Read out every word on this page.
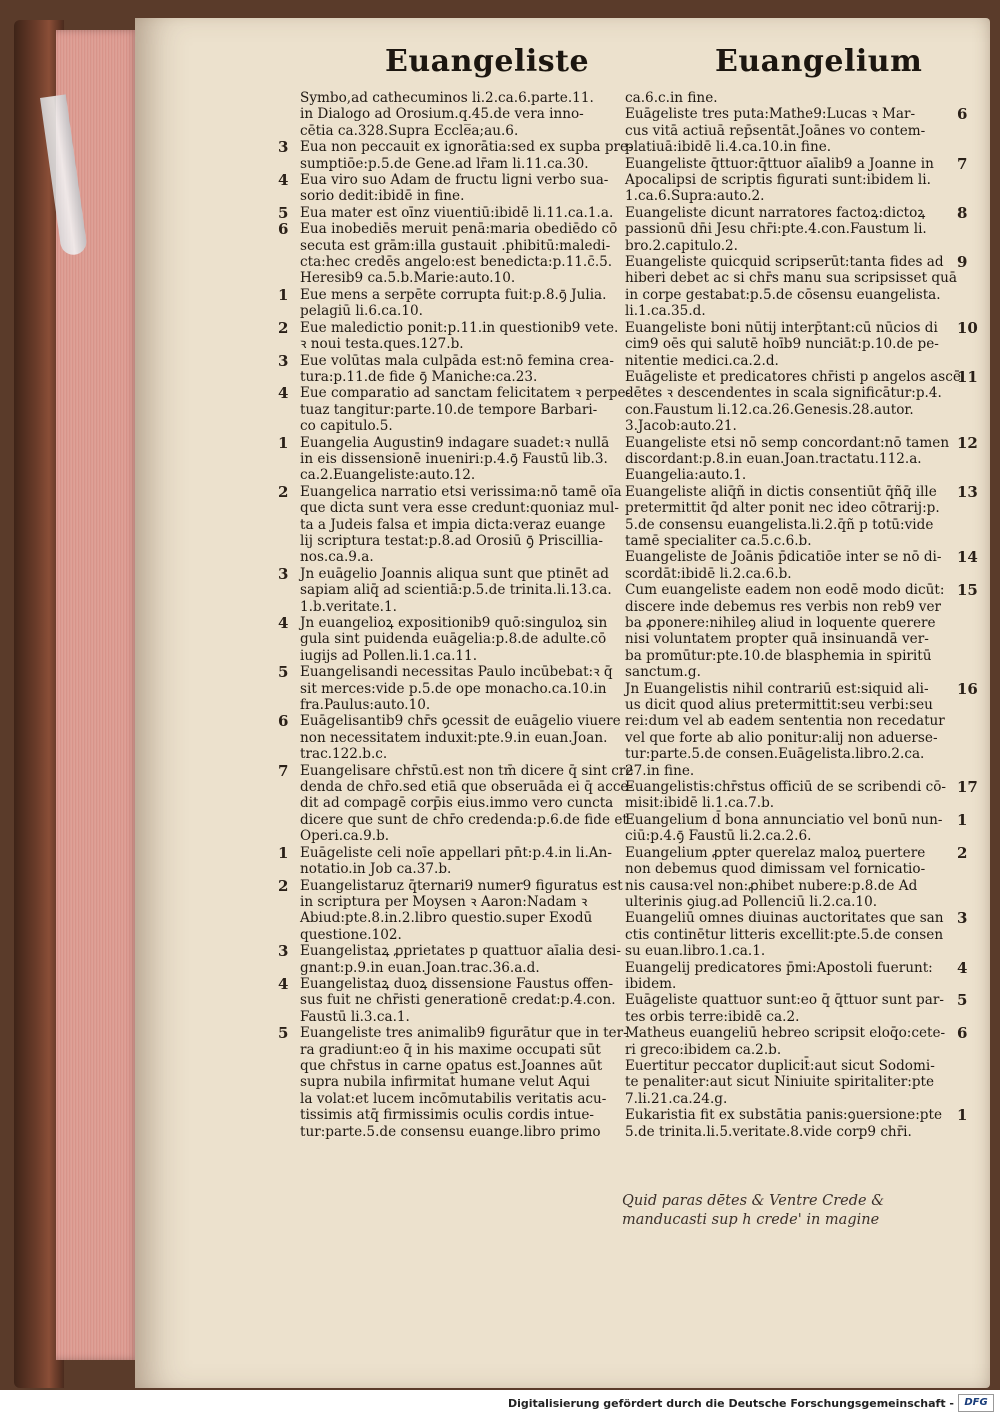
Euangeliste	Euangelium
Symbo,ad cathecuminos li.2.ca.6.parte.11.
in Dialogo ad Orosium.q.45.de vera inno-
cētia ca.328.Supra Eccle̅a;au.6.
3 Eua non peccauit ex ignorātia:sed ex supba pre-
sumptiōe:p.5.de Gene.ad lr̄am li.11.ca.30.
4 Eua viro suo Adam de fructu ligni verbo sua-
sorio dedit:ibidē in fine.
5 Eua mater est oīnz viuentiū:ibidē li.11.ca.1.a.
6 Eua inobediēs meruit penā:maria obediēdo cō
secuta est grām:illa gustauit .phibitū:maledi-
cta:hec credēs angelo:est benedicta:p.11.c̄.5.
Heresib9 ca.5.b.Marie:auto.10.
1 Eue mens a serpēte corrupta fuit:p.8.ꝯ̄ Julia.
pelagiū li.6.ca.10.
2 Eue maledictio ponit:p.11.in questionib9 vete.
ꝛ noui testa.ques.127.b.
3 Eue volūtas mala culpāda est:nō femina crea-
tura:p.11.de fide ꝯ̄ Maniche:ca.23.
4 Eue comparatio ad sanctam felicitatem ꝛ perpe-
tuaz tangitur:parte.10.de tempore Barbari-
co capitulo.5.
1 Euangelia Augustin9 indagare suadet:ꝛ nullā
in eis dissensionē inueniri:p.4.ꝯ̄ Faustū lib.3.
ca.2.Euangeliste:auto.12.
2 Euangelica narratio etsi verissima:nō tamē oīa
que dicta sunt vera esse credunt:quoniaz mul-
ta a Judeis falsa et impia dicta:veraz euange
lij scriptura testat:p.8.ad Orosiū ꝯ̄ Priscillia-
nos.ca.9.a.
3 Jn euāgelio Joannis aliqua sunt que ptinēt ad
sapiam aliq̄ ad scientiā:p.5.de trinita.li.13.ca.
1.b.veritate.1.
4 Jn euangelioꝝ expositionib9 quō:singuloꝝ sin
gula sint puidenda euāgelia:p.8.de adulte.cō
iugijs ad Pollen.li.1.ca.11.
5 Euangelisandi necessitas Paulo incūbebat:ꝛ q̄
sit merces:vide p.5.de ope monacho.ca.10.in
fra.Paulus:auto.10.
6 Euāgelisantib9 chr̄s ꝯcessit de euāgelio viuere
non necessitatem induxit:pte.9.in euan.Joan.
trac.122.b.c.
7 Euangelisare chr̄stū.est non tm̄ dicere q̄ sint cre
denda de chr̄o.sed etiā que obseruāda ei q̄ acce-
dit ad compagē corp̄is eius.immo vero cuncta
dicere que sunt de chr̄o credenda:p.6.de fide et
Operi.ca.9.b.
1 Euāgeliste celi noīe appellari pn̄t:p.4.in li.An-
notatio.in Job ca.37.b.
2 Euangelistaruz q̄ternari9 numer9 figuratus est
in scriptura per Moysen ꝛ Aaron:Nadam ꝛ
Abiud:pte.8.in.2.libro questio.super Exodū
questione.102.
3 Euangelistaꝝ ꝓprietates p quattuor aīalia desi-
gnant:p.9.in euan.Joan.trac.36.a.d.
4 Euangelistaꝝ duoꝝ dissensione Faustus offen-
sus fuit ne chr̄isti generationē credat:p.4.con.
Faustū li.3.ca.1.
5 Euangeliste tres animalib9 figurātur que in ter-
ra gradiunt:eo q̄ in his maxime occupati sūt
que chr̄stus in carne opatus est.Joannes aūt
supra nubila infirmitat̄ humane velut Aqui
la volat:et lucem incōmutabilis veritatis acu-
tissimis atq̄ firmissimis oculis cordis intue-
tur:parte.5.de consensu euange.libro primo
ca.6.c.in fine.
6
Euāgeliste tres puta:Mathe9:Lucas ꝛ Mar-
cus vitā actiuā rep̄sentāt.Joānes vo contem-
platiuā:ibidē li.4.ca.10.in fine.
7
Euangeliste q̄ttuor:q̄ttuor aīalib9 a Joanne in
Apocalipsi de scriptis figurati sunt:ibidem li.
1.ca.6.Supra:auto.2.
8
Euangeliste dicunt narratores factoꝝ:dictoꝝ
passionū dn̄i Jesu chr̄i:pte.4.con.Faustum li.
bro.2.capitulo.2.
9
Euangeliste quicquid scripserūt:tanta fides ad
hiberi debet ac si chr̄s manu sua scripsisset quā
in corpe gestabat:p.5.de cōsensu euangelista.
li.1.ca.35.d.
10
Euangeliste boni nūtij interp̄tant:cū nūcios di
cim9 oēs qui salutē hoīb9 nunciāt:p.10.de pe-
nitentie medici.ca.2.d.
11
Euāgeliste et predicatores chr̄isti p angelos ascē
dētes ꝛ descendentes in scala significātur:p.4.
con.Faustum li.12.ca.26.Genesis.28.autor.
3.Jacob:auto.21.
12
Euangeliste etsi nō semp concordant:nō tamen
discordant:p.8.in euan.Joan.tractatu.112.a.
Euangelia:auto.1.
13
Euangeliste aliq̄ñ in dictis consentiūt q̄ñq̄ ille
pretermittit q̄d alter ponit nec ideo cōtrarij:p.
5.de consensu euangelista.li.2.q̄ñ p totū:vide
tamē specialiter ca.5.c.6.b.
14
Euangeliste de Joānis p̄dicatiōe inter se nō di-
scordāt:ibidē li.2.ca.6.b.
15
Cum euangeliste eadem non eodē modo dicūt:
discere inde debemus res verbis non reb9 ver
ba ꝓponere:nihileꝯ aliud in loquente querere
nisi voluntatem propter quā insinuandā ver-
ba promūtur:pte.10.de blasphemia in spiritū
sanctum.g.
16
Jn Euangelistis nihil contrariū est:siquid ali-
us dicit quod alius pretermittit:seu verbi:seu
rei:dum vel ab eadem sententia non recedatur
vel que forte ab alio ponitur:alij non aduerse-
tur:parte.5.de consen.Euāgelista.libro.2.ca.
27.in fine.
17
Euangelistis:chr̄stus officiū de se scribendi cō-
misit:ibidē li.1.ca.7.b.
1
Euangelium d̄ bona annunciatio vel bonū nun-
ciū:p.4.ꝯ̄ Faustū li.2.ca.2.6.
2
Euangelium ꝓpter querelaz maloꝝ puertere
non debemus quod dimissam vel fornicatio-
nis causa:vel non:ꝓhibet nubere:p.8.de Ad
ulterinis ꝯiug.ad Pollenciū li.2.ca.10.
3
Euangeliū omnes diuinas auctoritates que san
ctis continētur litteris excellit:pte.5.de consen
su euan.libro.1.ca.1.
4
Euangelij predicatores p̄mi:Apostoli fuerunt:
ibidem.
5
Euāgeliste quattuor sunt:eo q̄ q̄ttuor sunt par-
tes orbis terre:ibidē ca.2.
6
Matheus euangeliū hebreo scripsit eloq̄o:cete-
ri greco:ibidem ca.2.b.
Euertitur peccator duplicit̄:aut sicut Sodomi-
te penaliter:aut sicut Niniuite spiritaliter:pte
7.li.21.ca.24.g.
1
Eukaristia fit ex substātia panis:ꝯuersione:pte
5.de trinita.li.5.veritate.8.vide corp9 chr̄i.
Quid paras dētes & Ventre Crede &
manducasti sup h crede' in magine
Digitalisierung gefördert durch die Deutsche Forschungsgemeinschaft -	DFG
